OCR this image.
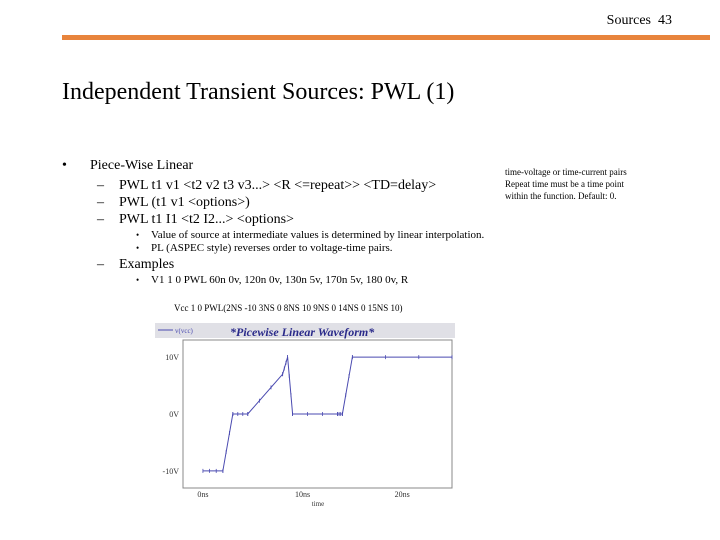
Sources 43
Independent Transient Sources: PWL (1)
• Piece-Wise Linear
– PWL t1 v1 <t2 v2 t3 v3...> <R <=repeat>> <TD=delay>
– PWL (t1 v1 <options>)
– PWL t1 I1 <t2 I2...> <options>
• Value of source at intermediate values is determined by linear interpolation.
• PL (ASPEC style) reverses order to voltage-time pairs.
– Examples
• V1 1 0 PWL 60n 0v, 120n 0v, 130n 5v, 170n 5v, 180 0v, R
time-voltage or time-current pairs
Repeat time must be a time point
within the function. Default: 0.
Vcc 1 0 PWL(2NS -10 3NS 0 8NS 10 9NS 0 14NS 0 15NS 10)
v(vcc)	*Picewise Linear Waveform*
10V
0V
-10V
0ns	10ns	20ns
time
